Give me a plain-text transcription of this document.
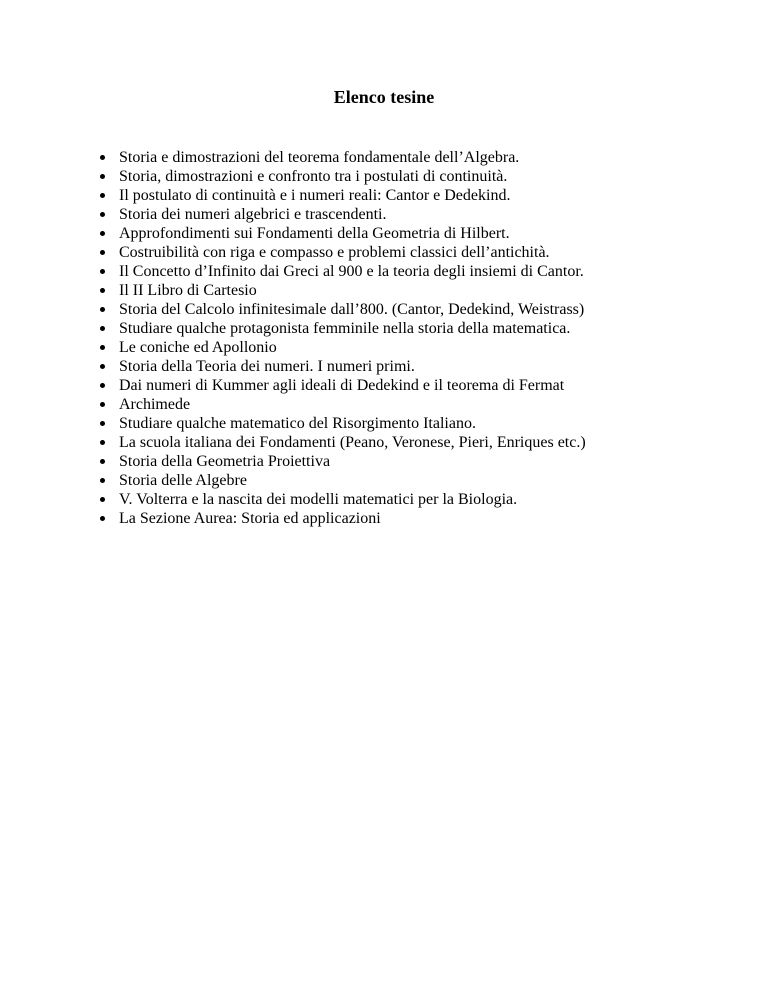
Elenco tesine
Storia e dimostrazioni del teorema fondamentale dell’Algebra.
Storia, dimostrazioni e confronto tra i postulati di continuità.
Il postulato di continuità e i numeri reali: Cantor e Dedekind.
Storia dei numeri algebrici e trascendenti.
Approfondimenti sui Fondamenti della Geometria di Hilbert.
Costruibilità con riga e compasso e problemi classici dell’antichità.
Il Concetto d’Infinito dai Greci al 900 e la teoria degli insiemi di Cantor.
Il II Libro di Cartesio
Storia del Calcolo infinitesimale dall’800. (Cantor, Dedekind, Weistrass)
Studiare qualche protagonista femminile nella storia della matematica.
Le coniche ed Apollonio
Storia della Teoria dei numeri. I numeri primi.
Dai numeri di Kummer agli ideali di Dedekind e il teorema di Fermat
Archimede
Studiare qualche matematico del Risorgimento Italiano.
La scuola italiana dei Fondamenti (Peano, Veronese, Pieri, Enriques etc.)
Storia della Geometria Proiettiva
Storia delle Algebre
V. Volterra e la nascita dei modelli matematici per la Biologia.
La Sezione Aurea: Storia ed applicazioni
